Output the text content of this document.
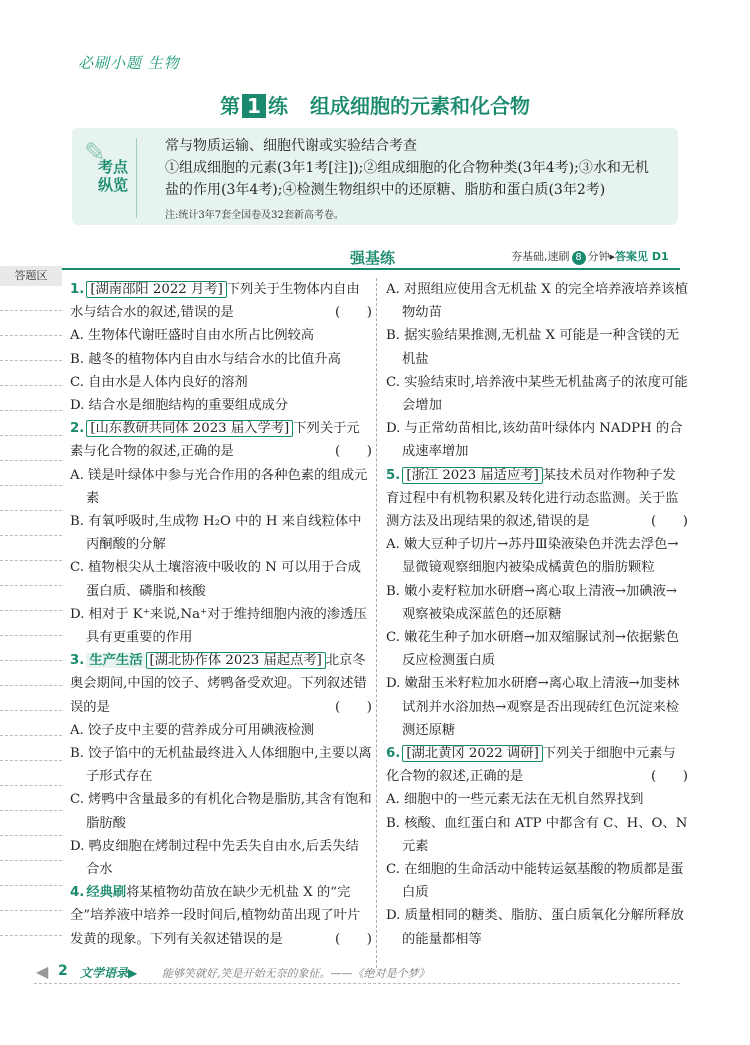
必刷小题 生物
第 1 练 组成细胞的元素和化合物
✎
考点纵览
常与物质运输、细胞代谢或实验结合考查
①组成细胞的元素(3年1考[注]);②组成细胞的化合物种类(3年4考);③水和无机
盐的作用(3年4考);④检测生物组织中的还原糖、脂肪和蛋白质(3年2考)
注:统计3年7套全国卷及32套新高考卷。
强基练	夯基础,速刷 8 分钟▸答案见 D1
答题区
1. [湖南邵阳 2022 月考] 下列关于生物体内自由水与结合水的叙述,错误的是	(　　)

A. 生物体代谢旺盛时自由水所占比例较高

B. 越冬的植物体内自由水与结合水的比值升高

C. 自由水是人体内良好的溶剂

D. 结合水是细胞结构的重要组成成分

2. [山东教研共同体 2023 届入学考] 下列关于元素与化合物的叙述,正确的是	(　　)

A. 镁是叶绿体中参与光合作用的各种色素的组成元素

B. 有氧呼吸时,生成物 H₂O 中的 H 来自线粒体中丙酮酸的分解

C. 植物根尖从土壤溶液中吸收的 N 可以用于合成蛋白质、磷脂和核酸

D. 相对于 K⁺来说,Na⁺对于维持细胞内液的渗透压具有更重要的作用

3. 生产生活 [湖北协作体 2023 届起点考] 北京冬奥会期间,中国的饺子、烤鸭备受欢迎。下列叙述错误的是	(　　)

A. 饺子皮中主要的营养成分可用碘液检测

B. 饺子馅中的无机盐最终进入人体细胞中,主要以离子形式存在

C. 烤鸭中含量最多的有机化合物是脂肪,其含有饱和脂肪酸

D. 鸭皮细胞在烤制过程中先丢失自由水,后丢失结合水

4. 经典刷将某植物幼苗放在缺少无机盐 X 的“完全”培养液中培养一段时间后,植物幼苗出现了叶片发黄的现象。下列有关叙述错误的是	(　　)

A. 对照组应使用含无机盐 X 的完全培养液培养该植物幼苗

B. 据实验结果推测,无机盐 X 可能是一种含镁的无机盐

C. 实验结束时,培养液中某些无机盐离子的浓度可能会增加

D. 与正常幼苗相比,该幼苗叶绿体内 NADPH 的合成速率增加

5. [浙江 2023 届适应考] 某技术员对作物种子发育过程中有机物积累及转化进行动态监测。关于监测方法及出现结果的叙述,错误的是	(　　)

A. 嫩大豆种子切片→苏丹Ⅲ染液染色并洗去浮色→显微镜观察细胞内被染成橘黄色的脂肪颗粒

B. 嫩小麦籽粒加水研磨→离心取上清液→加碘液→观察被染成深蓝色的还原糖

C. 嫩花生种子加水研磨→加双缩脲试剂→依据紫色反应检测蛋白质

D. 嫩甜玉米籽粒加水研磨→离心取上清液→加斐林试剂并水浴加热→观察是否出现砖红色沉淀来检测还原糖

6. [湖北黄冈 2022 调研] 下列关于细胞中元素与化合物的叙述,正确的是	(　　)

A. 细胞中的一些元素无法在无机自然界找到

B. 核酸、血红蛋白和 ATP 中都含有 C、H、O、N 元素

C. 在细胞的生命活动中能转运氨基酸的物质都是蛋白质

D. 质量相同的糖类、脂肪、蛋白质氧化分解所释放的能量都相等

◀ 2 文学语录▶ 能够笑就好,笑是开始无奈的象征。——《绝对是个梦》
